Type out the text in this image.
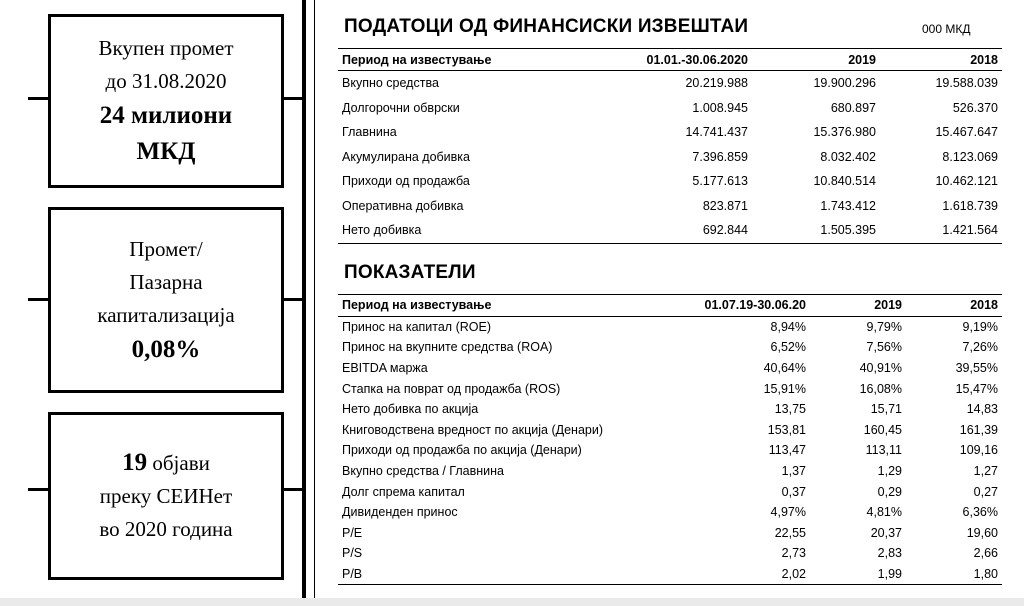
Вкупен промет
до 31.08.2020
24 милиони
МКД
Промет/
Пазарна
капитализација
0,08%
19 објави
преку СЕИНет
во 2020 година
ПОДАТОЦИ ОД ФИНАНСИСКИ ИЗВЕШТАИ	000 МКД
Период на известување	01.01.-30.06.2020	2019	2018
Вкупно средства	20.219.988	19.900.296	19.588.039
Долгорочни обврски	1.008.945	680.897	526.370
Главнина	14.741.437	15.376.980	15.467.647
Акумулирана добивка	7.396.859	8.032.402	8.123.069
Приходи од продажба	5.177.613	10.840.514	10.462.121
Оперативна добивка	823.871	1.743.412	1.618.739
Нето добивка	692.844	1.505.395	1.421.564
ПОКАЗАТЕЛИ
Период на известување	01.07.19-30.06.20	2019	2018
Принос на капитал (ROE)	8,94%	9,79%	9,19%
Принос на вкупните средства (ROA)	6,52%	7,56%	7,26%
EBITDA маржа	40,64%	40,91%	39,55%
Стапка на поврат од продажба (ROS)	15,91%	16,08%	15,47%
Нето добивка по акција	13,75	15,71	14,83
Книговодствена вредност по акција (Денари)	153,81	160,45	161,39
Приходи од продажба по акција (Денари)	113,47	113,11	109,16
Вкупно средства / Главнина	1,37	1,29	1,27
Долг спрема капитал	0,37	0,29	0,27
Дивиденден принос	4,97%	4,81%	6,36%
P/E	22,55	20,37	19,60
P/S	2,73	2,83	2,66
P/B	2,02	1,99	1,80
